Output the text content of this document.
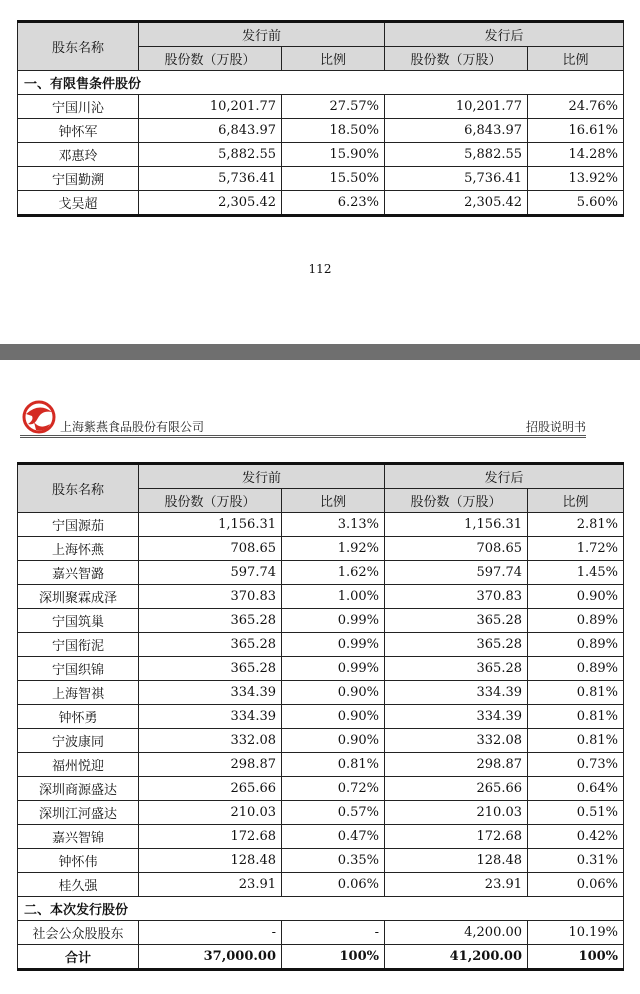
股东名称	发行前		发行后	
	股份数（万股）	比例	股份数（万股）	比例
一、有限售条件股份				
宁国川沁	10,201.77	27.57%	10,201.77	24.76%
钟怀军	6,843.97	18.50%	6,843.97	16.61%
邓惠玲	5,882.55	15.90%	5,882.55	14.28%
宁国勤溯	5,736.41	15.50%	5,736.41	13.92%
戈吴超	2,305.42	6.23%	2,305.42	5.60%
112
上海紫燕食品股份有限公司	招股说明书
股东名称	发行前		发行后	
	股份数（万股）	比例	股份数（万股）	比例
宁国源茄	1,156.31	3.13%	1,156.31	2.81%
上海怀燕	708.65	1.92%	708.65	1.72%
嘉兴智潞	597.74	1.62%	597.74	1.45%
深圳聚霖成泽	370.83	1.00%	370.83	0.90%
宁国筑巢	365.28	0.99%	365.28	0.89%
宁国衔泥	365.28	0.99%	365.28	0.89%
宁国织锦	365.28	0.99%	365.28	0.89%
上海智祺	334.39	0.90%	334.39	0.81%
钟怀勇	334.39	0.90%	334.39	0.81%
宁波康同	332.08	0.90%	332.08	0.81%
福州悦迎	298.87	0.81%	298.87	0.73%
深圳商源盛达	265.66	0.72%	265.66	0.64%
深圳江河盛达	210.03	0.57%	210.03	0.51%
嘉兴智锦	172.68	0.47%	172.68	0.42%
钟怀伟	128.48	0.35%	128.48	0.31%
桂久强	23.91	0.06%	23.91	0.06%
二、本次发行股份				
社会公众股股东	-	-	4,200.00	10.19%
合计	37,000.00	100%	41,200.00	100%
